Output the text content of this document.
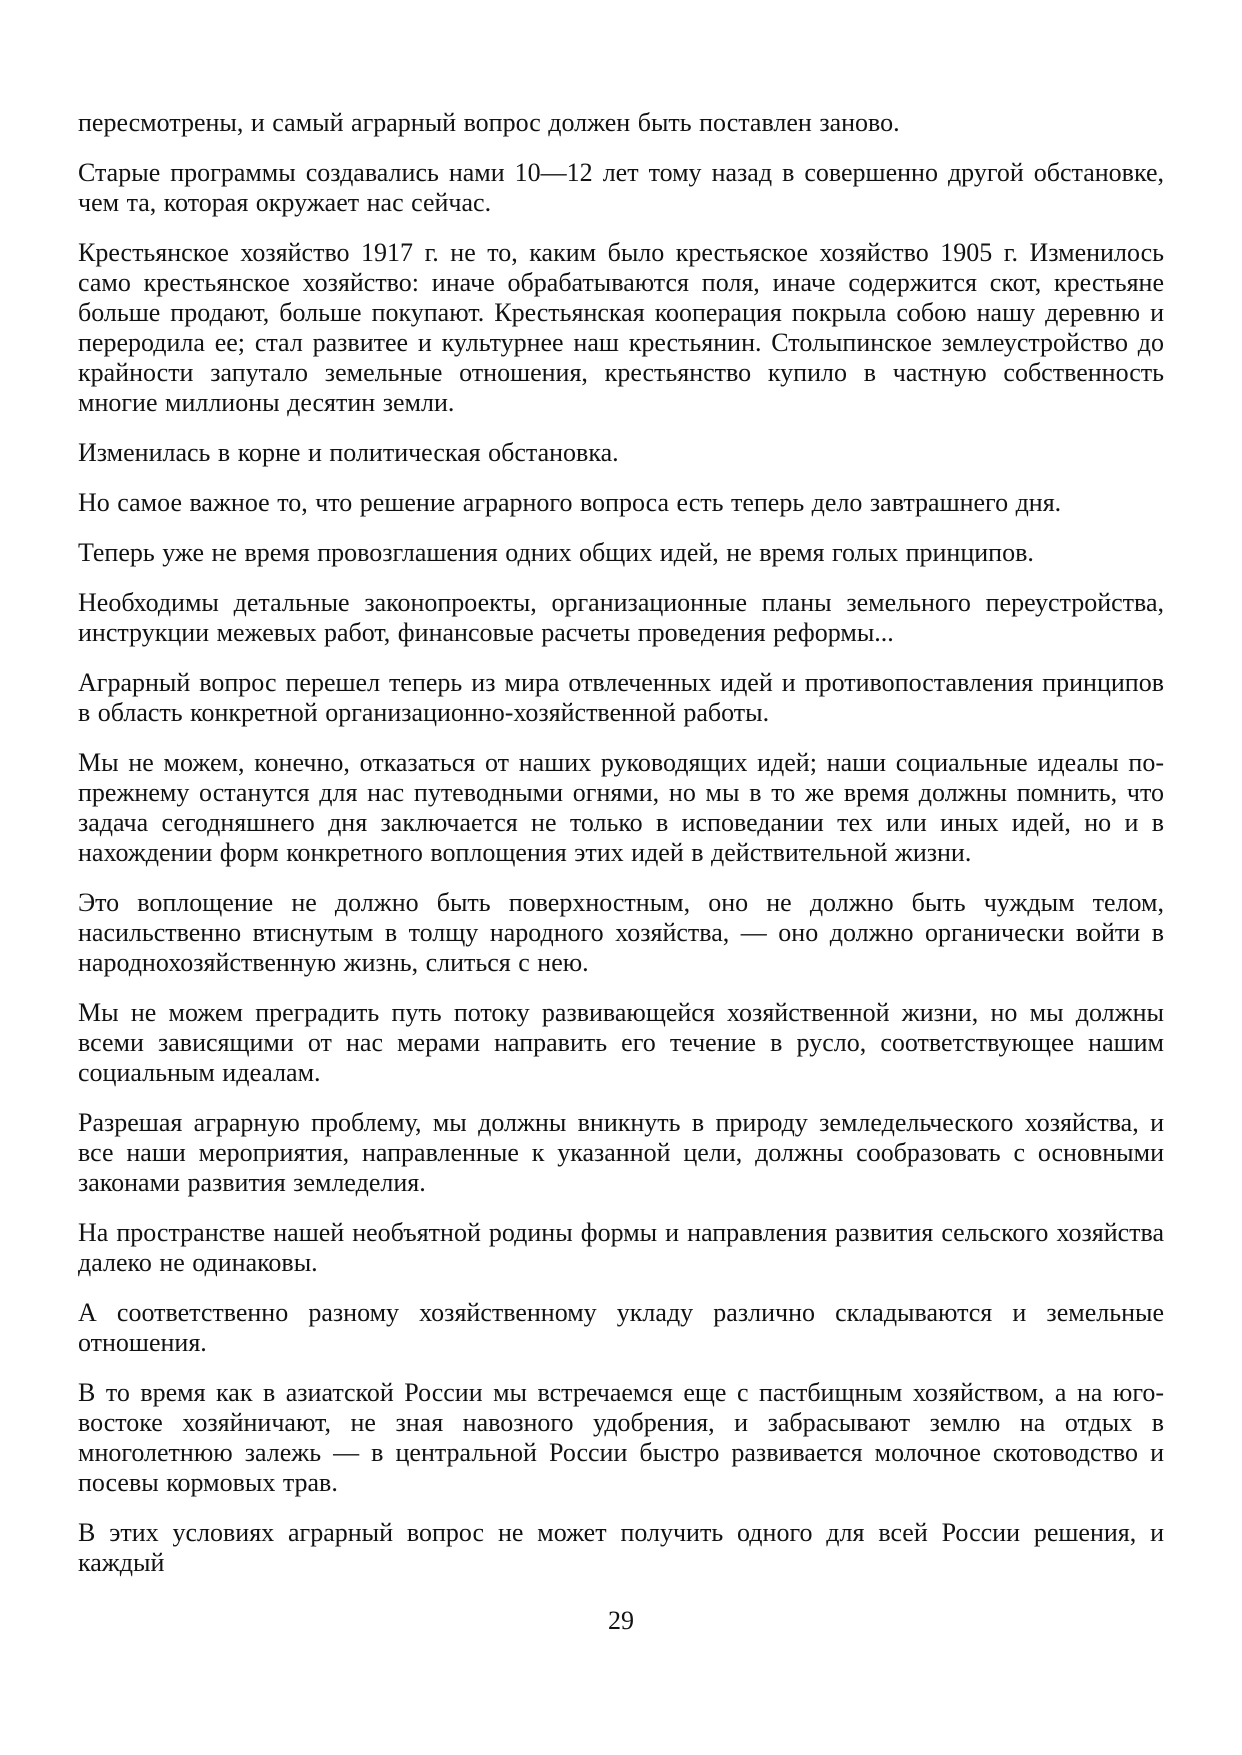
пересмотрены, и самый аграрный вопрос должен быть поставлен заново.

Старые программы создавались нами 10—12 лет тому назад в совершенно другой обстановке, чем та, которая окружает нас сейчас.

Крестьянское хозяйство 1917 г. не то, каким было крестьяское хозяйство 1905 г. Изменилось само крестьянское хозяйство: иначе обрабатываются поля, иначе содержится скот, крестьяне больше продают, больше покупают. Крестьянская кооперация покрыла собою нашу деревню и переродила ее; стал развитее и культурнее наш крестьянин. Столыпинское землеустройство до крайности запутало земельные отношения, крестьянство купило в частную собственность многие миллионы десятин земли.

Изменилась в корне и политическая обстановка.

Но самое важное то, что решение аграрного вопроса есть теперь дело завтрашнего дня.

Теперь уже не время провозглашения одних общих идей, не время голых принципов.

Необходимы детальные законопроекты, организационные планы земельного переустройства, инструкции межевых работ, финансовые расчеты проведения реформы...

Аграрный вопрос перешел теперь из мира отвлеченных идей и противопоставления принципов в область конкретной организационно-хозяйственной работы.

Мы не можем, конечно, отказаться от наших руководящих идей; наши социальные идеалы по-прежнему останутся для нас путеводными огнями, но мы в то же время должны помнить, что задача сегодняшнего дня заключается не только в исповедании тех или иных идей, но и в нахождении форм конкретного воплощения этих идей в действительной жизни.

Это воплощение не должно быть поверхностным, оно не должно быть чуждым телом, насильственно втиснутым в толщу народного хозяйства, — оно должно органически войти в народнохозяйственную жизнь, слиться с нею.

Мы не можем преградить путь потоку развивающейся хозяйственной жизни, но мы должны всеми зависящими от нас мерами направить его течение в русло, соответствующее нашим социальным идеалам.

Разрешая аграрную проблему, мы должны вникнуть в природу земледельческого хозяйства, и все наши мероприятия, направленные к указанной цели, должны сообразовать с основными законами развития земледелия.

На пространстве нашей необъятной родины формы и направления развития сельского хозяйства далеко не одинаковы.

А соответственно разному хозяйственному укладу различно складываются и земельные отношения.

В то время как в азиатской России мы встречаемся еще с пастбищным хозяйством, а на юго-востоке хозяйничают, не зная навозного удобрения, и забрасывают землю на отдых в многолетнюю залежь — в центральной России быстро развивается молочное скотоводство и посевы кормовых трав.

В этих условиях аграрный вопрос не может получить одного для всей России решения, и каждый

29
